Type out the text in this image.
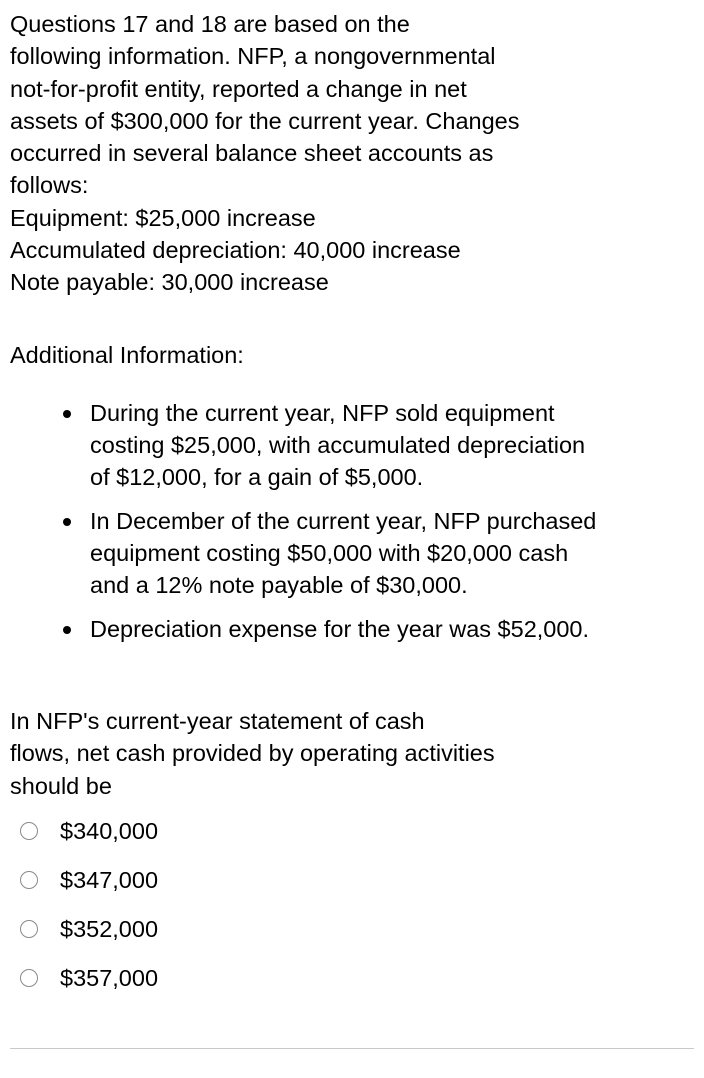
Questions 17 and 18 are based on the
following information. NFP, a nongovernmental
not-for-profit entity, reported a change in net
assets of $300,000 for the current year. Changes
occurred in several balance sheet accounts as
follows:
Equipment: $25,000 increase
Accumulated depreciation: 40,000 increase
Note payable: 30,000 increase
Additional Information:
During the current year, NFP sold equipment
costing $25,000, with accumulated depreciation
of $12,000, for a gain of $5,000.
In December of the current year, NFP purchased
equipment costing $50,000 with $20,000 cash
and a 12% note payable of $30,000.
Depreciation expense for the year was $52,000.
In NFP's current-year statement of cash
flows, net cash provided by operating activities
should be
$340,000
$347,000
$352,000
$357,000
